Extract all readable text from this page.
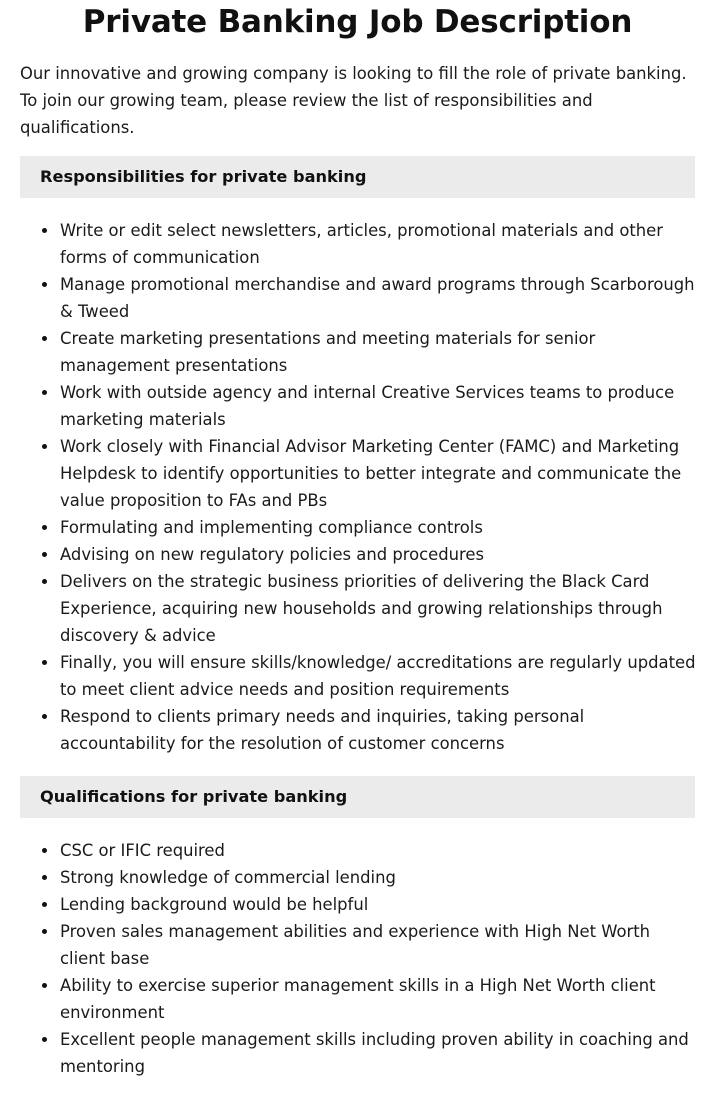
Private Banking Job Description

Our innovative and growing company is looking to fill the role of private banking. To join our growing team, please review the list of responsibilities and qualifications.

Responsibilities for private banking
Write or edit select newsletters, articles, promotional materials and other forms of communication
Manage promotional merchandise and award programs through Scarborough & Tweed
Create marketing presentations and meeting materials for senior management presentations
Work with outside agency and internal Creative Services teams to produce marketing materials
Work closely with Financial Advisor Marketing Center (FAMC) and Marketing Helpdesk to identify opportunities to better integrate and communicate the value proposition to FAs and PBs
Formulating and implementing compliance controls
Advising on new regulatory policies and procedures
Delivers on the strategic business priorities of delivering the Black Card Experience, acquiring new households and growing relationships through discovery & advice
Finally, you will ensure skills/knowledge/ accreditations are regularly updated to meet client advice needs and position requirements
Respond to clients primary needs and inquiries, taking personal accountability for the resolution of customer concerns
Qualifications for private banking
CSC or IFIC required
Strong knowledge of commercial lending
Lending background would be helpful
Proven sales management abilities and experience with High Net Worth client base
Ability to exercise superior management skills in a High Net Worth client environment
Excellent people management skills including proven ability in coaching and mentoring
